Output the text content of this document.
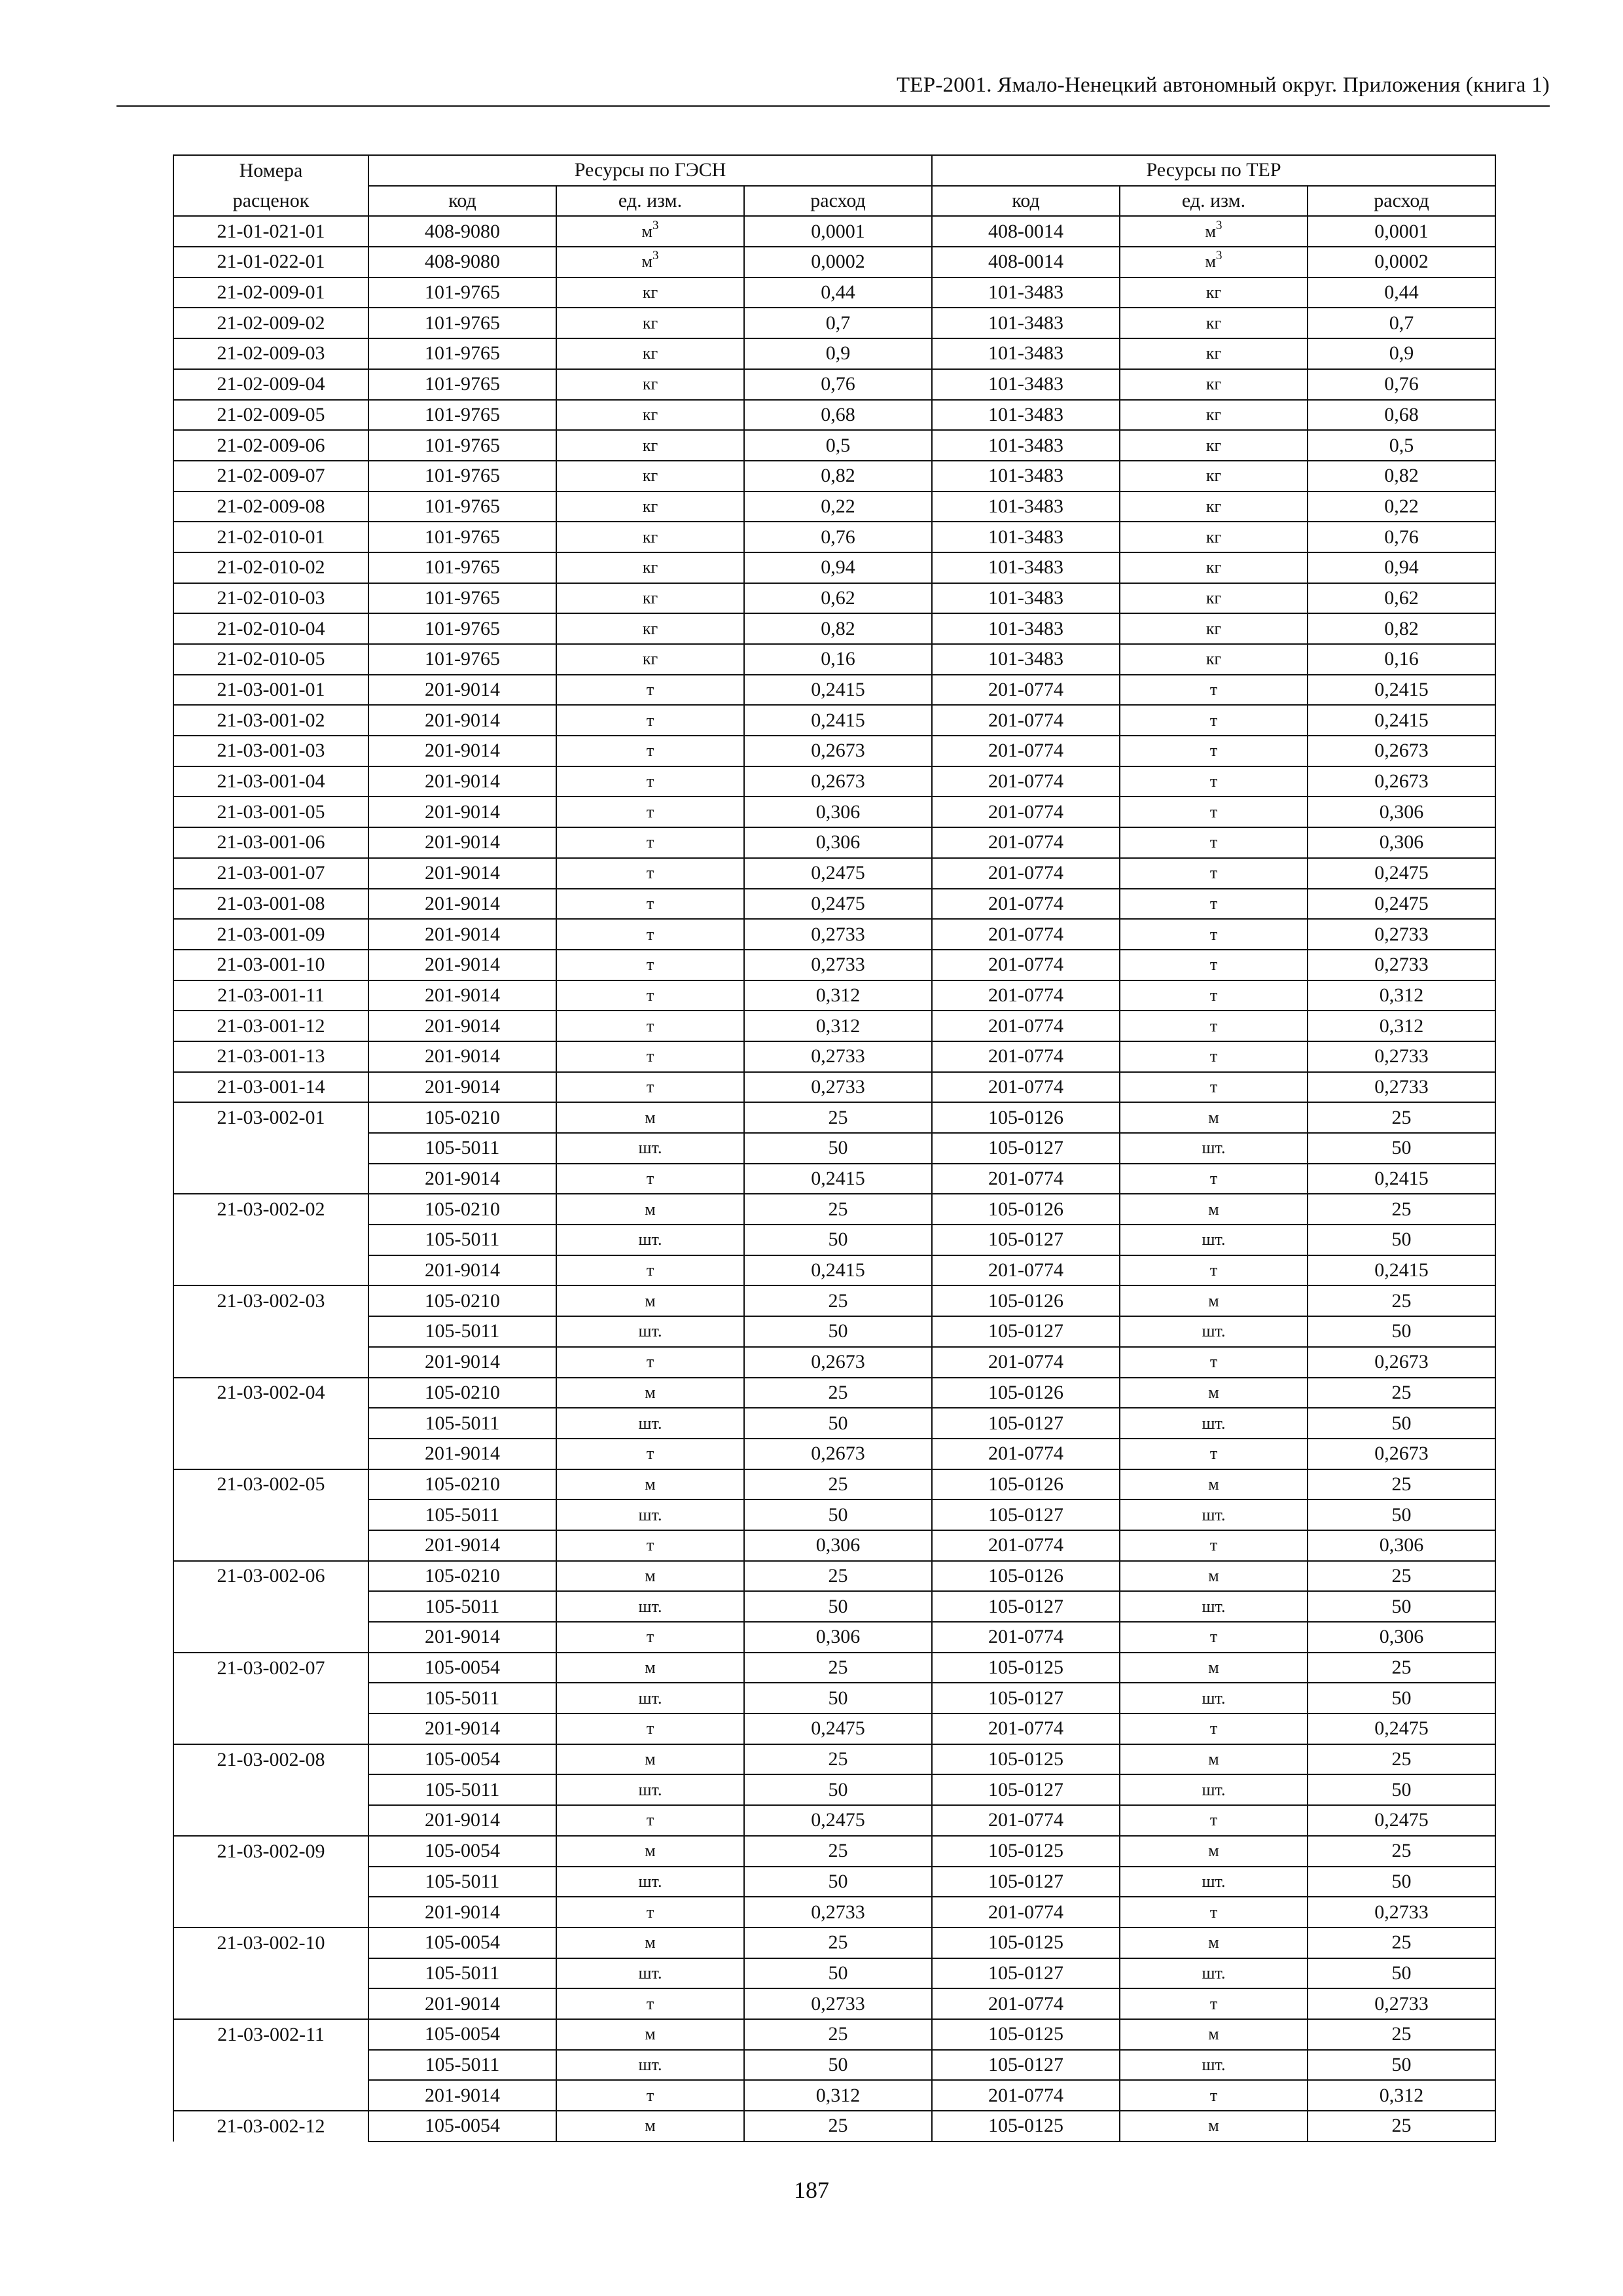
ТЕР-2001. Ямало-Ненецкий автономный округ. Приложения (книга 1)
Номера	Ресурсы по ГЭСН			Ресурсы по ТЕР		
расценок	код	ед. изм.	расход	код	ед. изм.	расход
21-01-021-01	408-9080	$м^3$	0,0001	408-0014	$м^3$	0,0001
21-01-022-01	408-9080	$м^3$	0,0002	408-0014	$м^3$	0,0002
21-02-009-01	101-9765	кг	0,44	101-3483	кг	0,44
21-02-009-02	101-9765	кг	0,7	101-3483	кг	0,7
21-02-009-03	101-9765	кг	0,9	101-3483	кг	0,9
21-02-009-04	101-9765	кг	0,76	101-3483	кг	0,76
21-02-009-05	101-9765	кг	0,68	101-3483	кг	0,68
21-02-009-06	101-9765	кг	0,5	101-3483	кг	0,5
21-02-009-07	101-9765	кг	0,82	101-3483	кг	0,82
21-02-009-08	101-9765	кг	0,22	101-3483	кг	0,22
21-02-010-01	101-9765	кг	0,76	101-3483	кг	0,76
21-02-010-02	101-9765	кг	0,94	101-3483	кг	0,94
21-02-010-03	101-9765	кг	0,62	101-3483	кг	0,62
21-02-010-04	101-9765	кг	0,82	101-3483	кг	0,82
21-02-010-05	101-9765	кг	0,16	101-3483	кг	0,16
21-03-001-01	201-9014	т	0,2415	201-0774	т	0,2415
21-03-001-02	201-9014	т	0,2415	201-0774	т	0,2415
21-03-001-03	201-9014	т	0,2673	201-0774	т	0,2673
21-03-001-04	201-9014	т	0,2673	201-0774	т	0,2673
21-03-001-05	201-9014	т	0,306	201-0774	т	0,306
21-03-001-06	201-9014	т	0,306	201-0774	т	0,306
21-03-001-07	201-9014	т	0,2475	201-0774	т	0,2475
21-03-001-08	201-9014	т	0,2475	201-0774	т	0,2475
21-03-001-09	201-9014	т	0,2733	201-0774	т	0,2733
21-03-001-10	201-9014	т	0,2733	201-0774	т	0,2733
21-03-001-11	201-9014	т	0,312	201-0774	т	0,312
21-03-001-12	201-9014	т	0,312	201-0774	т	0,312
21-03-001-13	201-9014	т	0,2733	201-0774	т	0,2733
21-03-001-14	201-9014	т	0,2733	201-0774	т	0,2733
21-03-002-01	105-0210	м	25	105-0126	м	25
	105-5011	шт.	50	105-0127	шт.	50
	201-9014	т	0,2415	201-0774	т	0,2415
21-03-002-02	105-0210	м	25	105-0126	м	25
	105-5011	шт.	50	105-0127	шт.	50
	201-9014	т	0,2415	201-0774	т	0,2415
21-03-002-03	105-0210	м	25	105-0126	м	25
	105-5011	шт.	50	105-0127	шт.	50
	201-9014	т	0,2673	201-0774	т	0,2673
21-03-002-04	105-0210	м	25	105-0126	м	25
	105-5011	шт.	50	105-0127	шт.	50
	201-9014	т	0,2673	201-0774	т	0,2673
21-03-002-05	105-0210	м	25	105-0126	м	25
	105-5011	шт.	50	105-0127	шт.	50
	201-9014	т	0,306	201-0774	т	0,306
21-03-002-06	105-0210	м	25	105-0126	м	25
	105-5011	шт.	50	105-0127	шт.	50
	201-9014	т	0,306	201-0774	т	0,306
21-03-002-07	105-0054	м	25	105-0125	м	25
	105-5011	шт.	50	105-0127	шт.	50
	201-9014	т	0,2475	201-0774	т	0,2475
21-03-002-08	105-0054	м	25	105-0125	м	25
	105-5011	шт.	50	105-0127	шт.	50
	201-9014	т	0,2475	201-0774	т	0,2475
21-03-002-09	105-0054	м	25	105-0125	м	25
	105-5011	шт.	50	105-0127	шт.	50
	201-9014	т	0,2733	201-0774	т	0,2733
21-03-002-10	105-0054	м	25	105-0125	м	25
	105-5011	шт.	50	105-0127	шт.	50
	201-9014	т	0,2733	201-0774	т	0,2733
21-03-002-11	105-0054	м	25	105-0125	м	25
	105-5011	шт.	50	105-0127	шт.	50
	201-9014	т	0,312	201-0774	т	0,312
21-03-002-12	105-0054	м	25	105-0125	м	25
187
